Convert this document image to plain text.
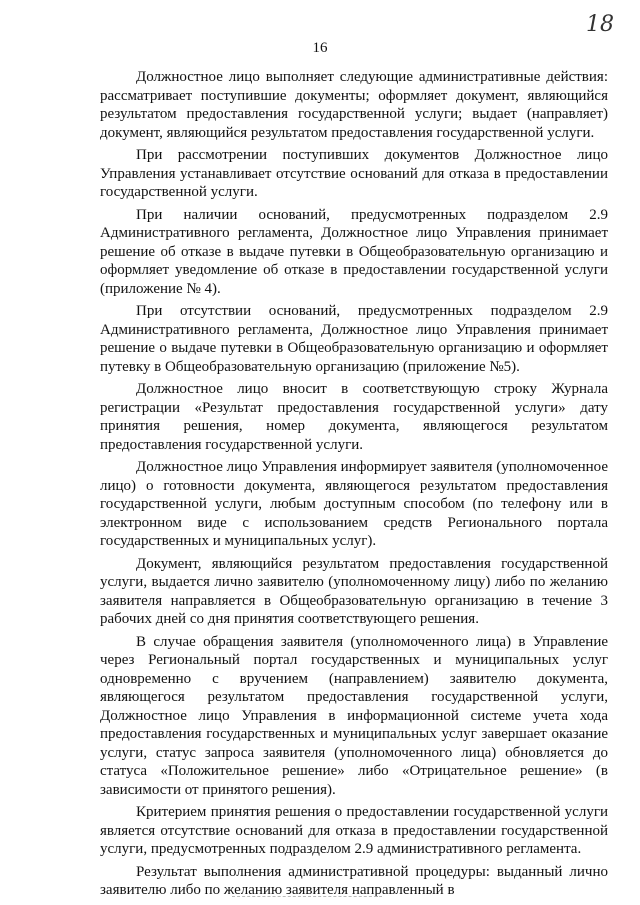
18
16

Должностное лицо выполняет следующие административные действия: рассматривает поступившие документы; оформляет документ, являющийся результатом предоставления государственной услуги; выдает (направляет) документ, являющийся результатом предоставления государственной услуги.

При рассмотрении поступивших документов Должностное лицо Управления устанавливает отсутствие оснований для отказа в предоставлении государственной услуги.

При наличии оснований, предусмотренных подразделом 2.9 Административного регламента, Должностное лицо Управления принимает решение об отказе в выдаче путевки в Общеобразовательную организацию и оформляет уведомление об отказе в предоставлении государственной услуги (приложение № 4).

При отсутствии оснований, предусмотренных подразделом 2.9 Административного регламента, Должностное лицо Управления принимает решение о выдаче путевки в Общеобразовательную организацию и оформляет путевку в Общеобразовательную организацию (приложение №5).

Должностное лицо вносит в соответствующую строку Журнала регистрации «Результат предоставления государственной услуги» дату принятия решения, номер документа, являющегося результатом предоставления государственной услуги.

Должностное лицо Управления информирует заявителя (уполномоченное лицо) о готовности документа, являющегося результатом предоставления государственной услуги, любым доступным способом (по телефону или в электронном виде с использованием средств Регионального портала государственных и муниципальных услуг).

Документ, являющийся результатом предоставления государственной услуги, выдается лично заявителю (уполномоченному лицу) либо по желанию заявителя направляется в Общеобразовательную организацию в течение 3 рабочих дней со дня принятия соответствующего решения.

В случае обращения заявителя (уполномоченного лица) в Управление через Региональный портал государственных и муниципальных услуг одновременно с вручением (направлением) заявителю документа, являющегося результатом предоставления государственной услуги, Должностное лицо Управления в информационной системе учета хода предоставления государственных и муниципальных услуг завершает оказание услуги, статус запроса заявителя (уполномоченного лица) обновляется до статуса «Положительное решение» либо «Отрицательное решение» (в зависимости от принятого решения).

Критерием принятия решения о предоставлении государственной услуги является отсутствие оснований для отказа в предоставлении государственной услуги, предусмотренных подразделом 2.9 административного регламента.

Результат выполнения административной процедуры: выданный лично заявителю либо по желанию заявителя направленный в
